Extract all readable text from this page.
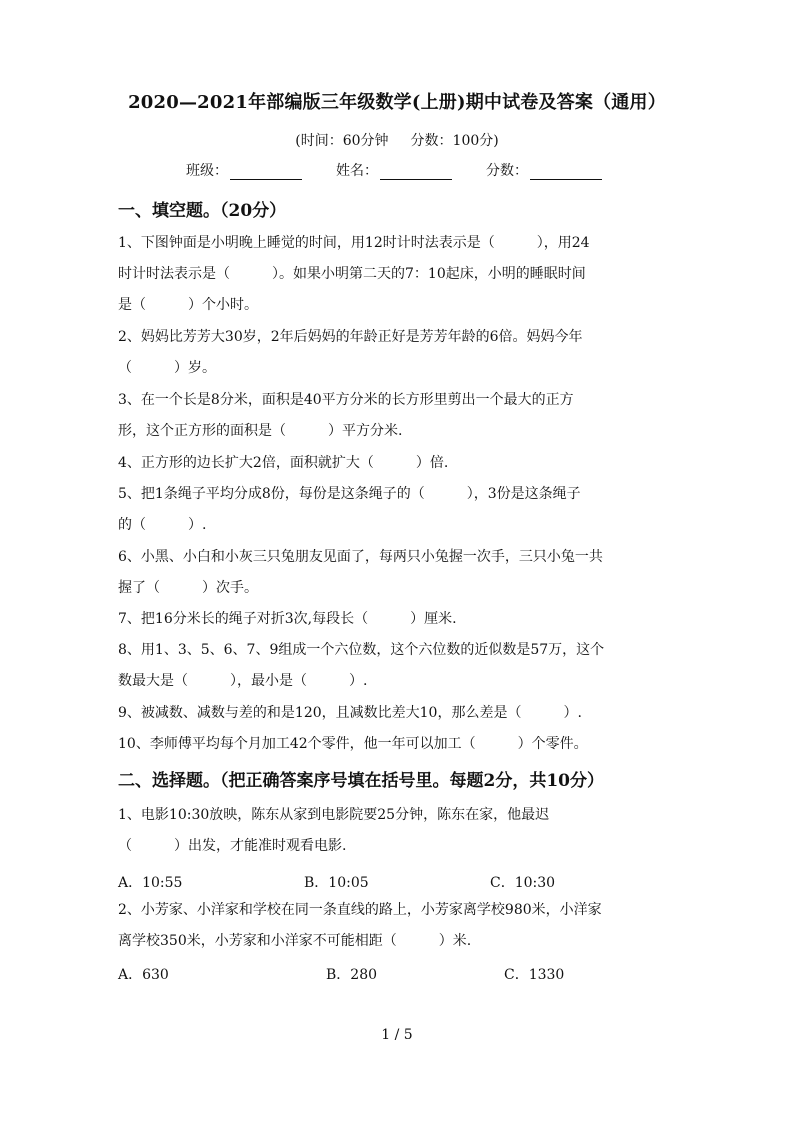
2020—2021年部编版三年级数学(上册)期中试卷及答案（通用）
(时间：60分钟 分数：100分)
班级：	姓名：	分数：
一、填空题。（20分）
1、下图钟面是小明晚上睡觉的时间，用12时计时法表示是（　　　），用24
时计时法表示是（　　　）。如果小明第二天的7：10起床，小明的睡眠时间
是（　　　）个小时。
2、妈妈比芳芳大30岁，2年后妈妈的年龄正好是芳芳年龄的6倍。妈妈今年
（　　　）岁。
3、在一个长是8分米，面积是40平方分米的长方形里剪出一个最大的正方
形，这个正方形的面积是（　　　）平方分米.
4、正方形的边长扩大2倍，面积就扩大（　　　）倍.
5、把1条绳子平均分成8份，每份是这条绳子的（　　　），3份是这条绳子
的（　　　）.
6、小黑、小白和小灰三只兔朋友见面了，每两只小兔握一次手，三只小兔一共
握了（　　　）次手。
7、把16分米长的绳子对折3次,每段长（　　　）厘米.
8、用1、3、5、6、7、9组成一个六位数，这个六位数的近似数是57万，这个
数最大是（　　　），最小是（　　　）.
9、被减数、减数与差的和是120，且减数比差大10，那么差是（　　　）.
10、李师傅平均每个月加工42个零件，他一年可以加工（　　　）个零件。
二、选择题。（把正确答案序号填在括号里。每题2分，共10分）
1、电影10:30放映，陈东从家到电影院要25分钟，陈东在家，他最迟
（　　　）出发，才能准时观看电影.
A．10:55	B．10:05	C．10:30
2、小芳家、小洋家和学校在同一条直线的路上，小芳家离学校980米，小洋家
离学校350米，小芳家和小洋家不可能相距（　　　）米.
A．630	B．280	C．1330
1 / 5
